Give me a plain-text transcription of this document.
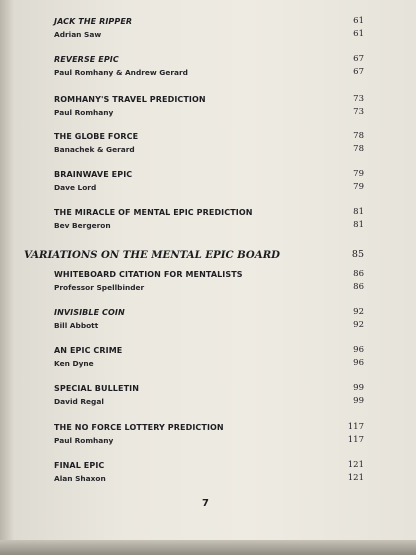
JACK THE RIPPER	61
Adrian Saw	61
REVERSE EPIC	67
Paul Romhany & Andrew Gerard	67
ROMHANY'S TRAVEL PREDICTION	73
Paul Romhany	73
THE GLOBE FORCE	78
Banachek & Gerard	78
BRAINWAVE EPIC	79
Dave Lord	79
THE MIRACLE OF MENTAL EPIC PREDICTION	81
Bev Bergeron	81
VARIATIONS ON THE MENTAL EPIC BOARD	85
WHITEBOARD CITATION FOR MENTALISTS	86
Professor Spellbinder	86
INVISIBLE COIN	92
Bill Abbott	92
AN EPIC CRIME	96
Ken Dyne	96
SPECIAL BULLETIN	99
David Regal	99
THE NO FORCE LOTTERY PREDICTION	117
Paul Romhany	117
FINAL EPIC	121
Alan Shaxon	121
7
